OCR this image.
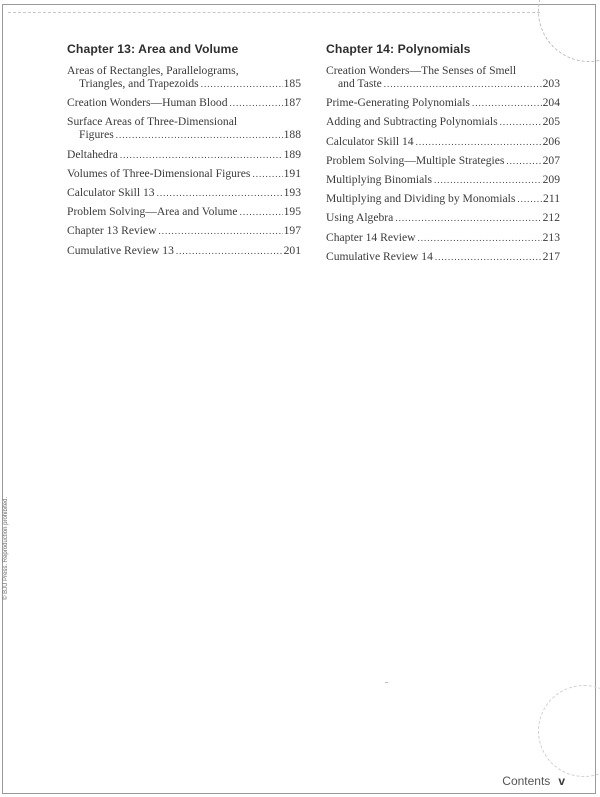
Chapter 13: Area and Volume
Areas of Rectangles, Parallelograms,
Triangles, and Trapezoids .....	185
Creation Wonders—Human Blood .....	187
Surface Areas of Three-Dimensional
Figures .....	188
Deltahedra .....	189
Volumes of Three-Dimensional Figures .....	191
Calculator Skill 13 .....	193
Problem Solving—Area and Volume .....	195
Chapter 13 Review .....	197
Cumulative Review 13 .....	201
Chapter 14: Polynomials
Creation Wonders—The Senses of Smell
and Taste .....	203
Prime-Generating Polynomials .....	204
Adding and Subtracting Polynomials .....	205
Calculator Skill 14 .....	206
Problem Solving—Multiple Strategies .....	207
Multiplying Binomials .....	209
Multiplying and Dividing by Monomials ..... 211
Using Algebra .....	212
Chapter 14 Review .....	213
Cumulative Review 14 .....	217
© BJU Press. Reproduction prohibited.
Contents v
